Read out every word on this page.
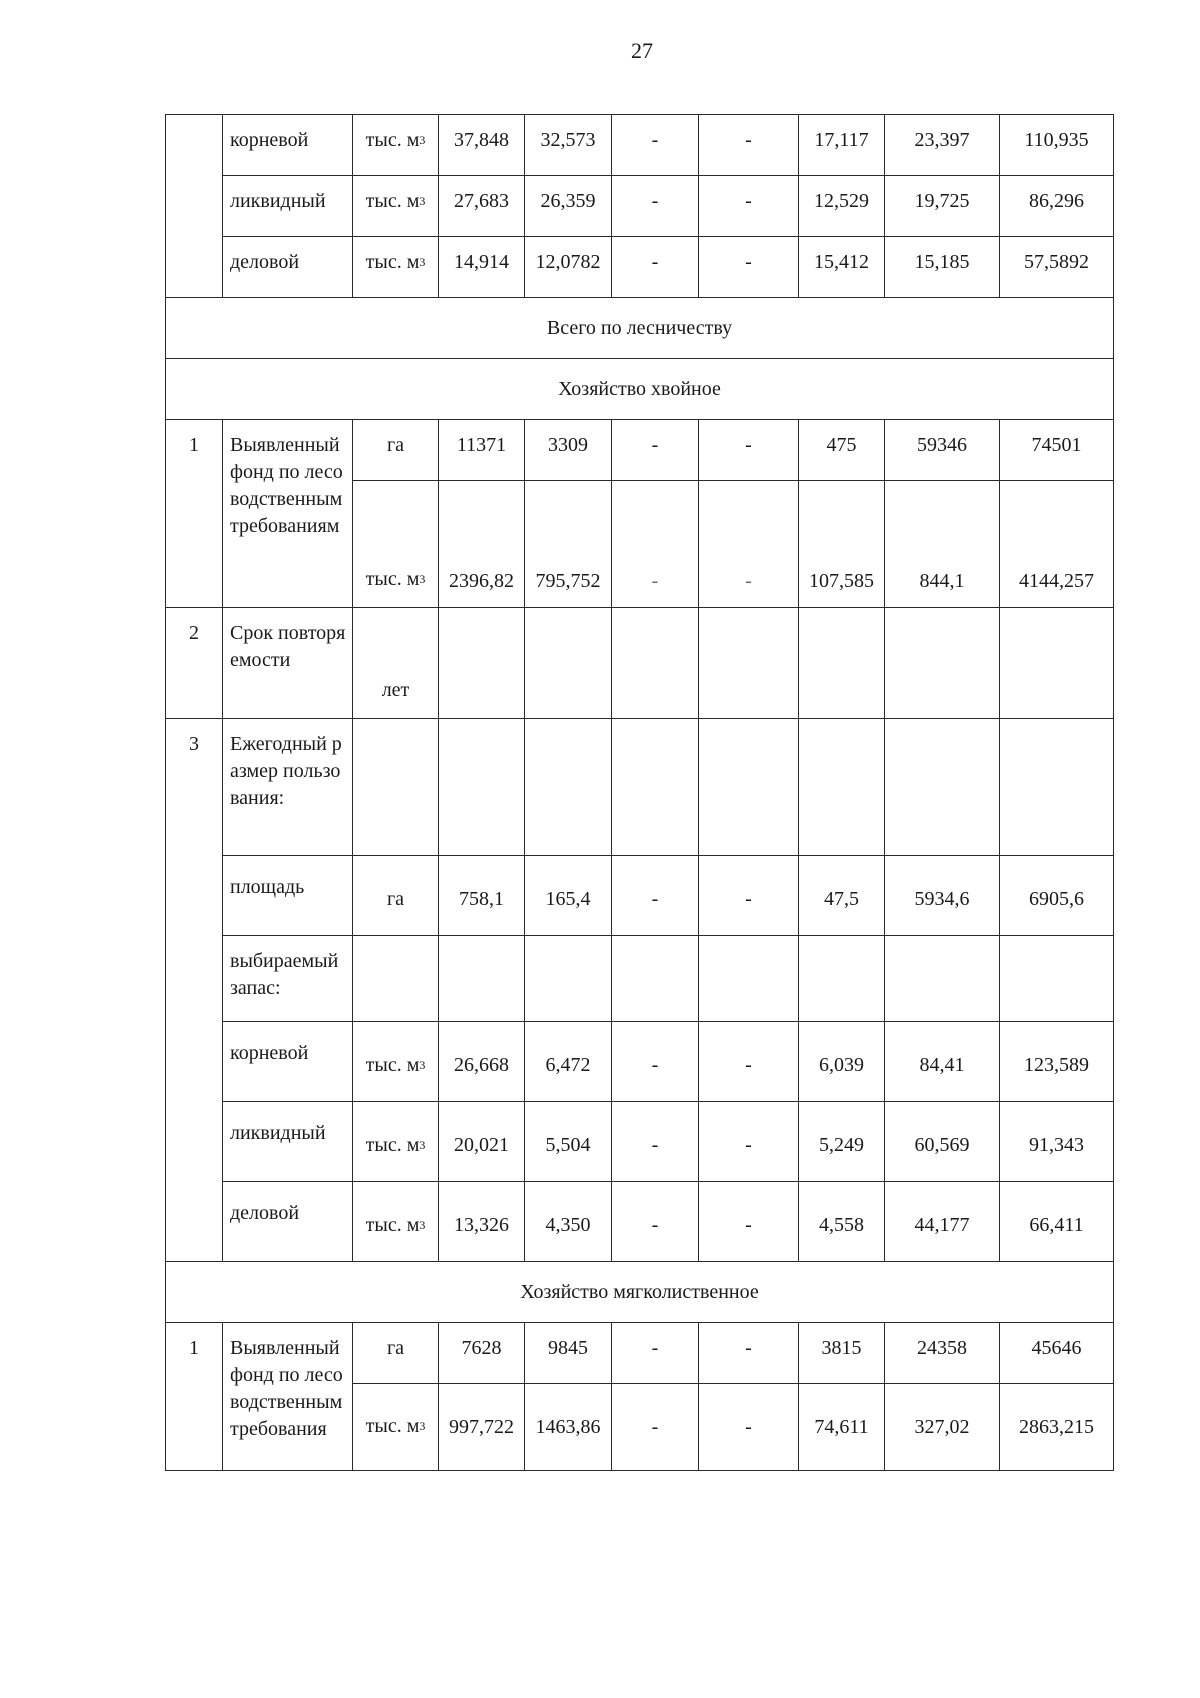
27
	корневой	тыс. $м^3$	37,848	32,573	-	-	17,117	23,397	110,935
	ликвидный	тыс. $м^3$	27,683	26,359	-	-	12,529	19,725	86,296
	деловой	тыс. $м^3$	14,914	12,0782	-	-	15,412	15,185	57,5892
Всего по лесничеству									
Хозяйство хвойное									
1	Выявленный фонд по лесоводственным требованиям	га	11371	3309	-	-	475	59346	74501
		тыс. $м^3$	2396,82	795,752	-	-	107,585	844,1	4144,257
2	Срок повторяемости	лет							
3	Ежегодный размер пользования:								
	площадь	га	758,1	165,4	-	-	47,5	5934,6	6905,6
	выбираемый запас:								
	корневой	тыс. $м^3$	26,668	6,472	-	-	6,039	84,41	123,589
	ликвидный	тыс. $м^3$	20,021	5,504	-	-	5,249	60,569	91,343
	деловой	тыс. $м^3$	13,326	4,350	-	-	4,558	44,177	66,411
Хозяйство мягколиственное									
1	Выявленный фонд по лесоводственным требования	га	7628	9845	-	-	3815	24358	45646
		тыс. $м^3$	997,722	1463,86	-	-	74,611	327,02	2863,215
